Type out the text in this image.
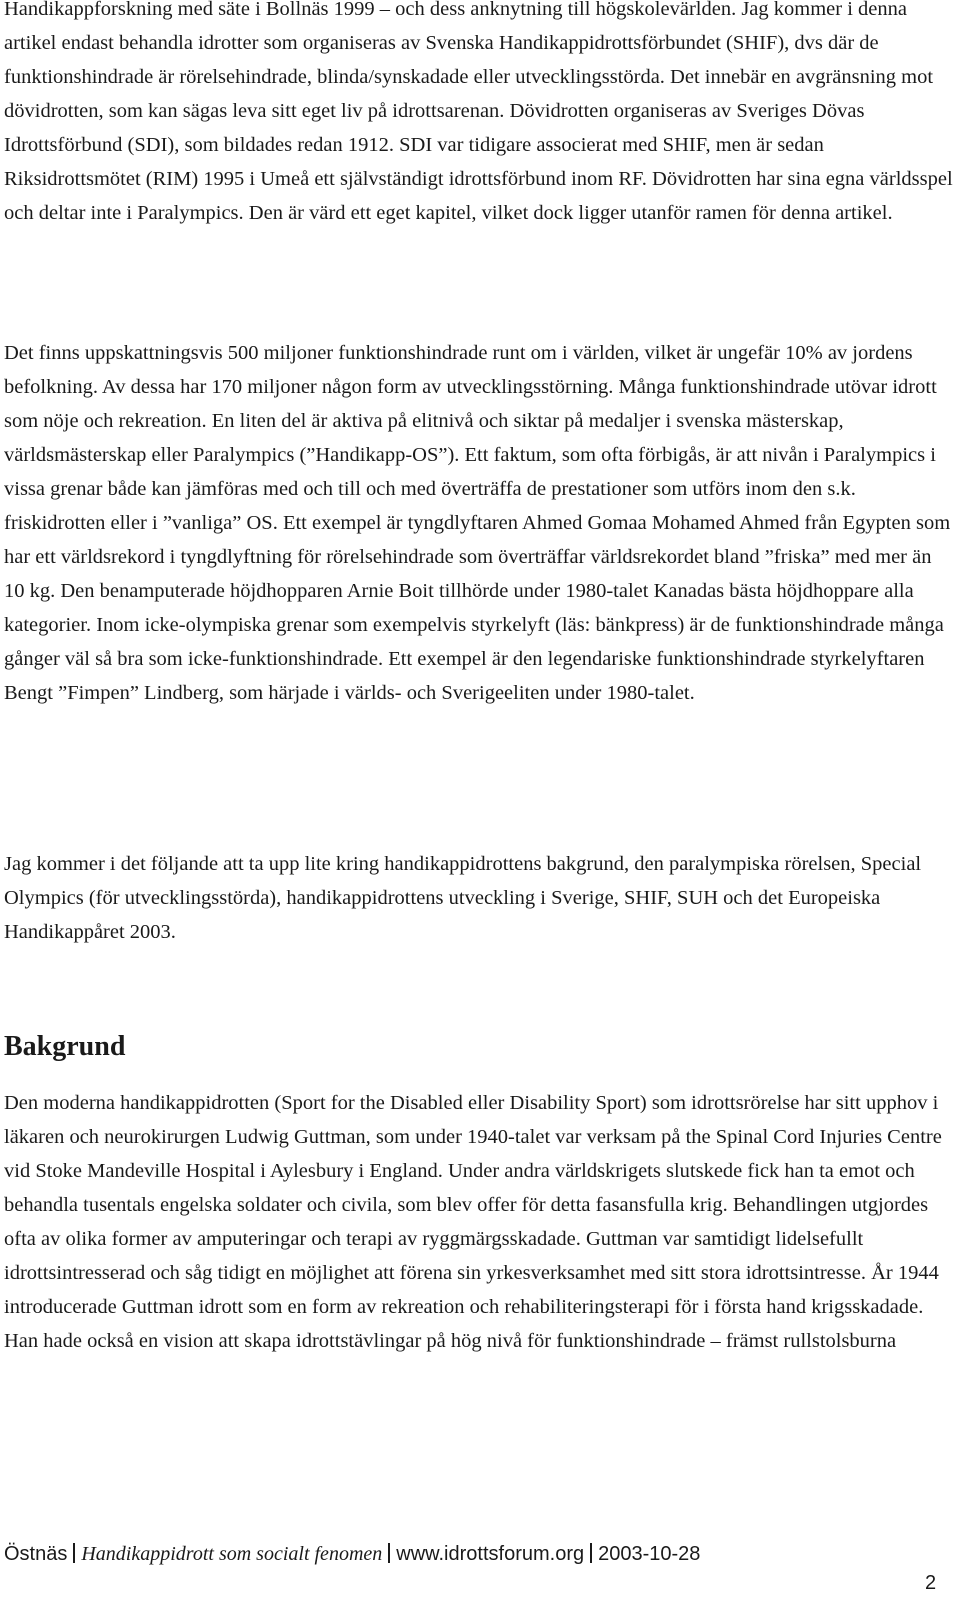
Handikappforskning med säte i Bollnäs 1999 – och dess anknytning till högskolevärlden. Jag kommer i denna artikel endast behandla idrotter som organiseras av Svenska Handikappidrottsförbundet (SHIF), dvs där de funktionshindrade är rörelsehindrade, blinda/synskadade eller utvecklingsstörda. Det innebär en avgränsning mot dövidrotten, som kan sägas leva sitt eget liv på idrottsarenan. Dövidrotten organiseras av Sveriges Dövas Idrottsförbund (SDI), som bildades redan 1912. SDI var tidigare associerat med SHIF, men är sedan Riksidrottsmötet (RIM) 1995 i Umeå ett självständigt idrottsförbund inom RF. Dövidrotten har sina egna världsspel och deltar inte i Paralympics. Den är värd ett eget kapitel, vilket dock ligger utanför ramen för denna artikel.

Det finns uppskattningsvis 500 miljoner funktionshindrade runt om i världen, vilket är ungefär 10% av jordens befolkning. Av dessa har 170 miljoner någon form av utvecklingsstörning. Många funktionshindrade utövar idrott som nöje och rekreation. En liten del är aktiva på elitnivå och siktar på medaljer i svenska mästerskap, världsmästerskap eller Paralympics (”Handikapp-OS”). Ett faktum, som ofta förbigås, är att nivån i Paralympics i vissa grenar både kan jämföras med och till och med överträffa de prestationer som utförs inom den s.k. friskidrotten eller i ”vanliga” OS. Ett exempel är tyngdlyftaren Ahmed Gomaa Mohamed Ahmed från Egypten som har ett världsrekord i tyngdlyftning för rörelsehindrade som överträffar världsrekordet bland ”friska” med mer än 10 kg. Den benamputerade höjdhopparen Arnie Boit tillhörde under 1980-talet Kanadas bästa höjdhoppare alla kategorier. Inom icke-olympiska grenar som exempelvis styrkelyft (läs: bänkpress) är de funktionshindrade många gånger väl så bra som icke-funktionshindrade. Ett exempel är den legendariske funktionshindrade styrkelyftaren Bengt ”Fimpen” Lindberg, som härjade i världs- och Sverigeeliten under 1980-talet.

Jag kommer i det följande att ta upp lite kring handikappidrottens bakgrund, den paralympiska rörelsen, Special Olympics (för utvecklingsstörda), handikappidrottens utveckling i Sverige, SHIF, SUH och det Europeiska Handikappåret 2003.

Bakgrund

Den moderna handikappidrotten (Sport for the Disabled eller Disability Sport) som idrottsrörelse har sitt upphov i läkaren och neurokirurgen Ludwig Guttman, som under 1940-talet var verksam på the Spinal Cord Injuries Centre vid Stoke Mandeville Hospital i Aylesbury i England. Under andra världskrigets slutskede fick han ta emot och behandla tusentals engelska soldater och civila, som blev offer för detta fasansfulla krig. Behandlingen utgjordes ofta av olika former av amputeringar och terapi av ryggmärgsskadade. Guttman var samtidigt lidelsefullt idrottsintresserad och såg tidigt en möjlighet att förena sin yrkesverksamhet med sitt stora idrottsintresse. År 1944 introducerade Guttman idrott som en form av rekreation och rehabiliteringsterapi för i första hand krigsskadade. Han hade också en vision att skapa idrottstävlingar på hög nivå för funktionshindrade – främst rullstolsburna

Östnäs Handikappidrott som socialt fenomen www.idrottsforum.org 2003-10-28
2
